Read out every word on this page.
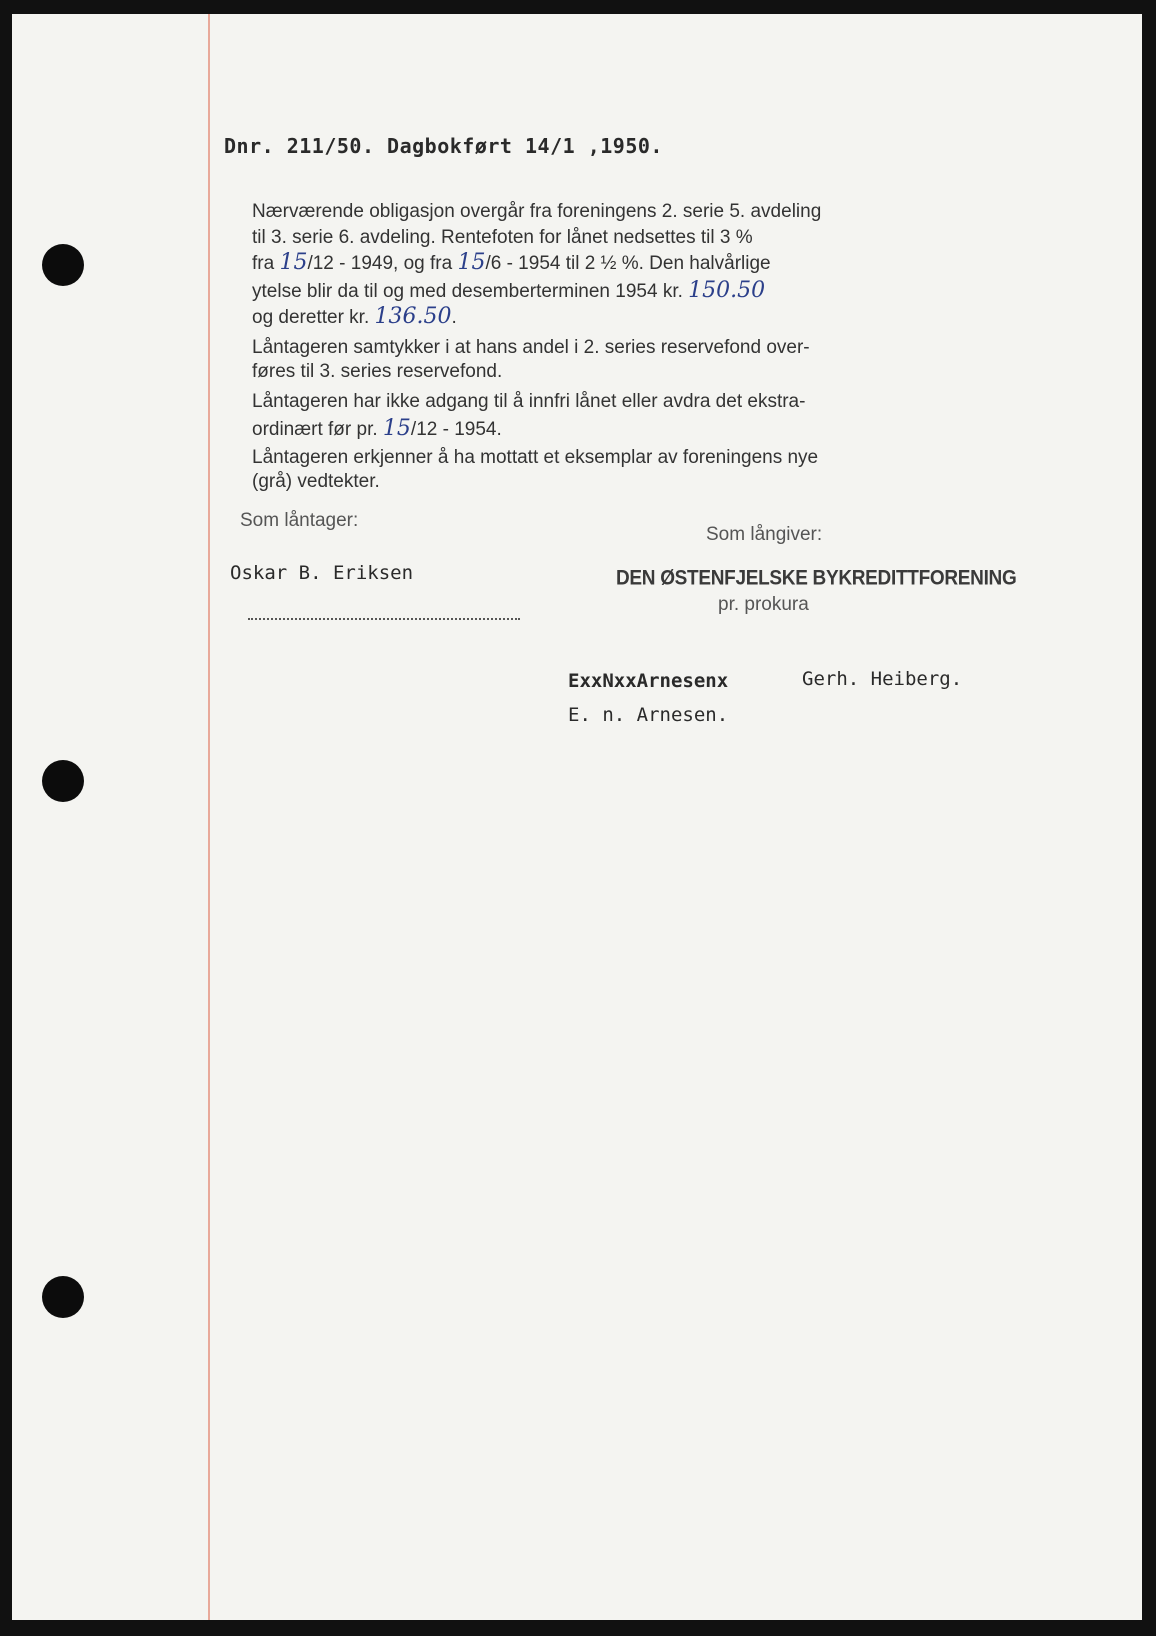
Dnr. 211/50. Dagbokført 14/1 ,1950.
Nærværende obligasjon overgår fra foreningens 2. serie 5. avdeling
til 3. serie 6. avdeling. Rentefoten for lånet nedsettes til 3 %
fra 15/12 - 1949, og fra 15/6 - 1954 til 2 ½ %. Den halvårlige
ytelse blir da til og med desemberterminen 1954 kr. 150.50
og deretter kr. 136.50.
Låntageren samtykker i at hans andel i 2. series reservefond over-
føres til 3. series reservefond.
Låntageren har ikke adgang til å innfri lånet eller avdra det ekstra-
ordinært før pr. 15/12 - 1954.
Låntageren erkjenner å ha mottatt et eksemplar av foreningens nye
(grå) vedtekter.
Som låntager:
Som långiver:
Oskar B. Eriksen	DEN ØSTENFJELSKE BYKREDITTFORENING
pr. prokura
ExxNxxArnesenx	Gerh. Heiberg.
E. n. Arnesen.
